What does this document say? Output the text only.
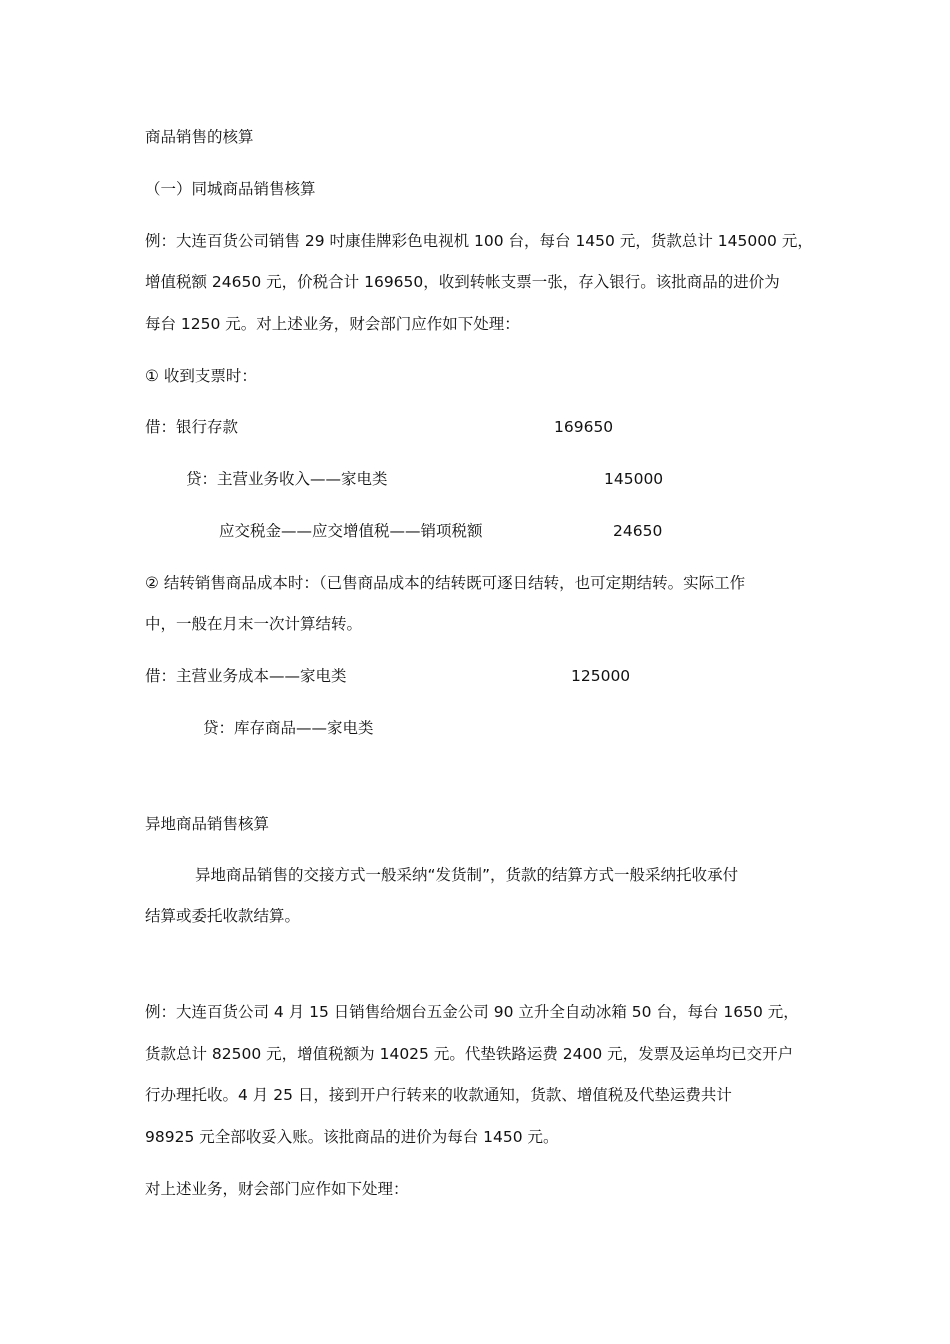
商品销售的核算
（一）同城商品销售核算
例：大连百货公司销售 29 吋康佳牌彩色电视机 100 台，每台 1450 元，货款总计 145000 元，
增值税额 24650 元，价税合计 169650，收到转帐支票一张，存入银行。该批商品的进价为
每台 1250 元。对上述业务，财会部门应作如下处理：
① 收到支票时：
借：银行存款	169650
贷：主营业务收入——家电类	145000
应交税金——应交增值税——销项税额	24650
② 结转销售商品成本时：（已售商品成本的结转既可逐日结转，也可定期结转。实际工作
中，一般在月末一次计算结转。
借：主营业务成本——家电类	125000
贷：库存商品——家电类
异地商品销售核算
异地商品销售的交接方式一般采纳“发货制”，货款的结算方式一般采纳托收承付
结算或委托收款结算。
例：大连百货公司 4 月 15 日销售给烟台五金公司 90 立升全自动冰箱 50 台，每台 1650 元，
货款总计 82500 元，增值税额为 14025 元。代垫铁路运费 2400 元，发票及运单均已交开户
行办理托收。4 月 25 日，接到开户行转来的收款通知，货款、增值税及代垫运费共计
98925 元全部收妥入账。该批商品的进价为每台 1450 元。
对上述业务，财会部门应作如下处理：
